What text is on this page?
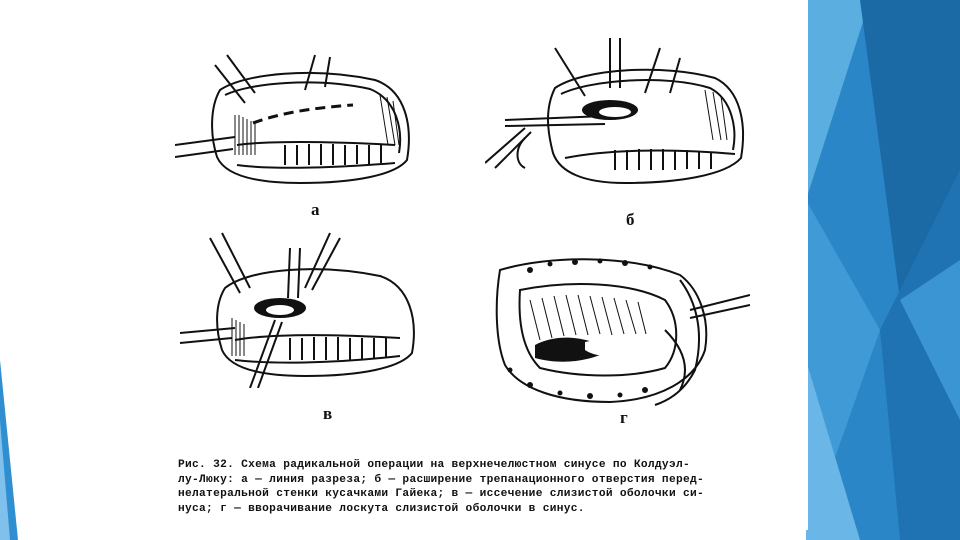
а
б
в	г
Рис. 32. Схема радикальной операции на верхнечелюстном синусе по Колдуэл-
лу-Люку: а — линия разреза; б — расширение трепанационного отверстия перед-
нелатеральной стенки кусачками Гайека; в — иссечение слизистой оболочки си-
нуса; г — вворачивание лоскута слизистой оболочки в синус.
